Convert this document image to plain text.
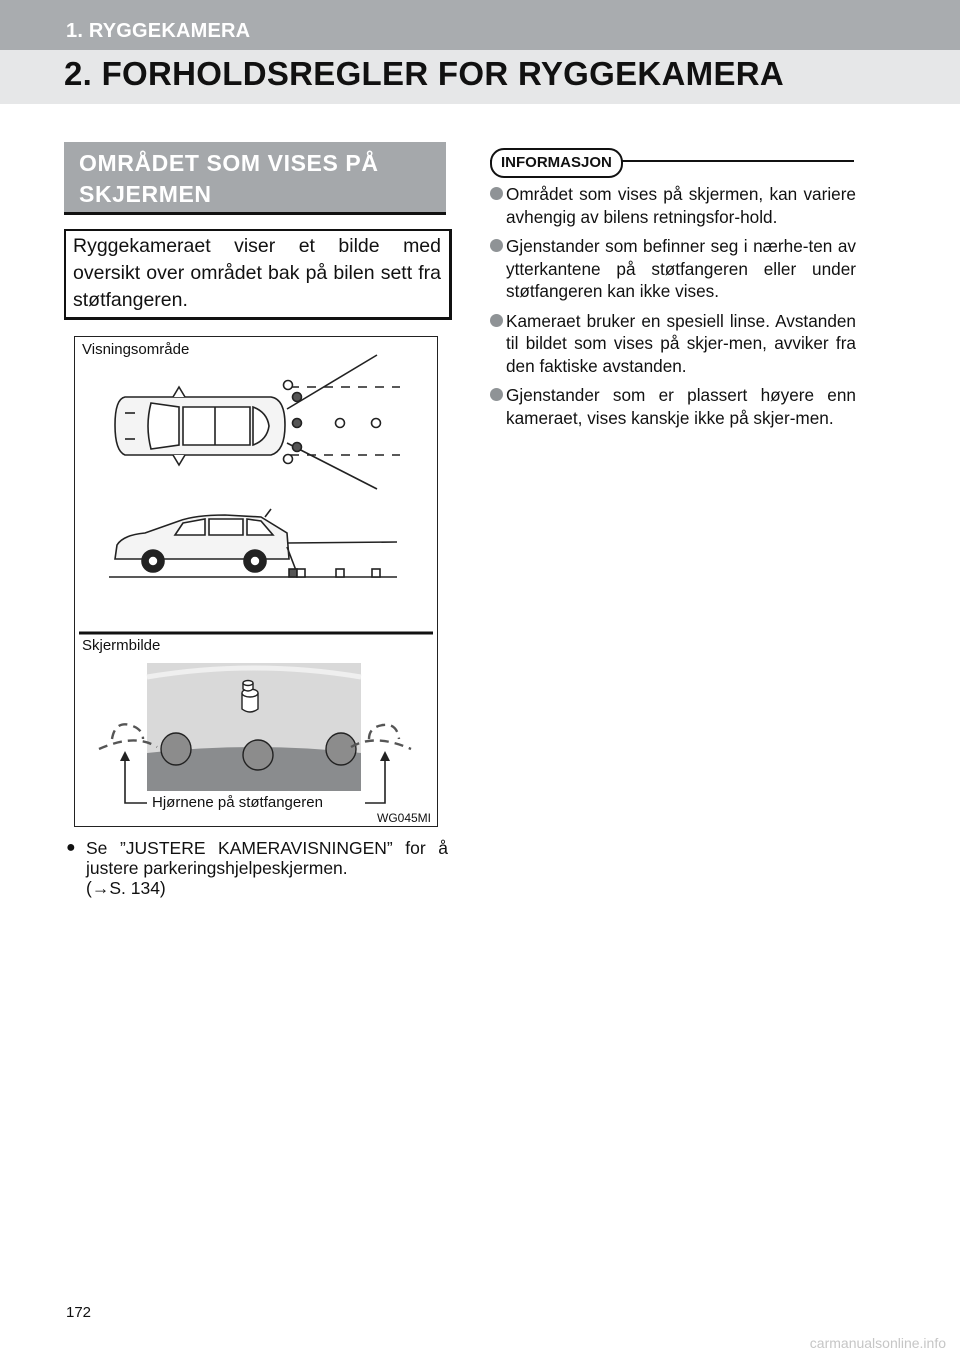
1. RYGGEKAMERA
2. FORHOLDSREGLER FOR RYGGEKAMERA
OMRÅDET SOM VISES PÅ SKJERMEN
Ryggekameraet viser et bilde med oversikt over området bak på bilen sett fra støtfangeren.
Visningsområde
Skjermbilde
Hjørnene på støtfangeren
WG045MI
● Se ”JUSTERE KAMERAVISNINGEN” for å justere parkeringshjelpeskjermen.
(→S. 134)
INFORMASJON
Området som vises på skjermen, kan variere avhengig av bilens retningsfor-hold.
Gjenstander som befinner seg i nærhe-ten av ytterkantene på støtfangeren eller under støtfangeren kan ikke vises.
Kameraet bruker en spesiell linse. Avstanden til bildet som vises på skjer-men, avviker fra den faktiske avstanden.
Gjenstander som er plassert høyere enn kameraet, vises kanskje ikke på skjer-men.
172
carmanualsonline.info
